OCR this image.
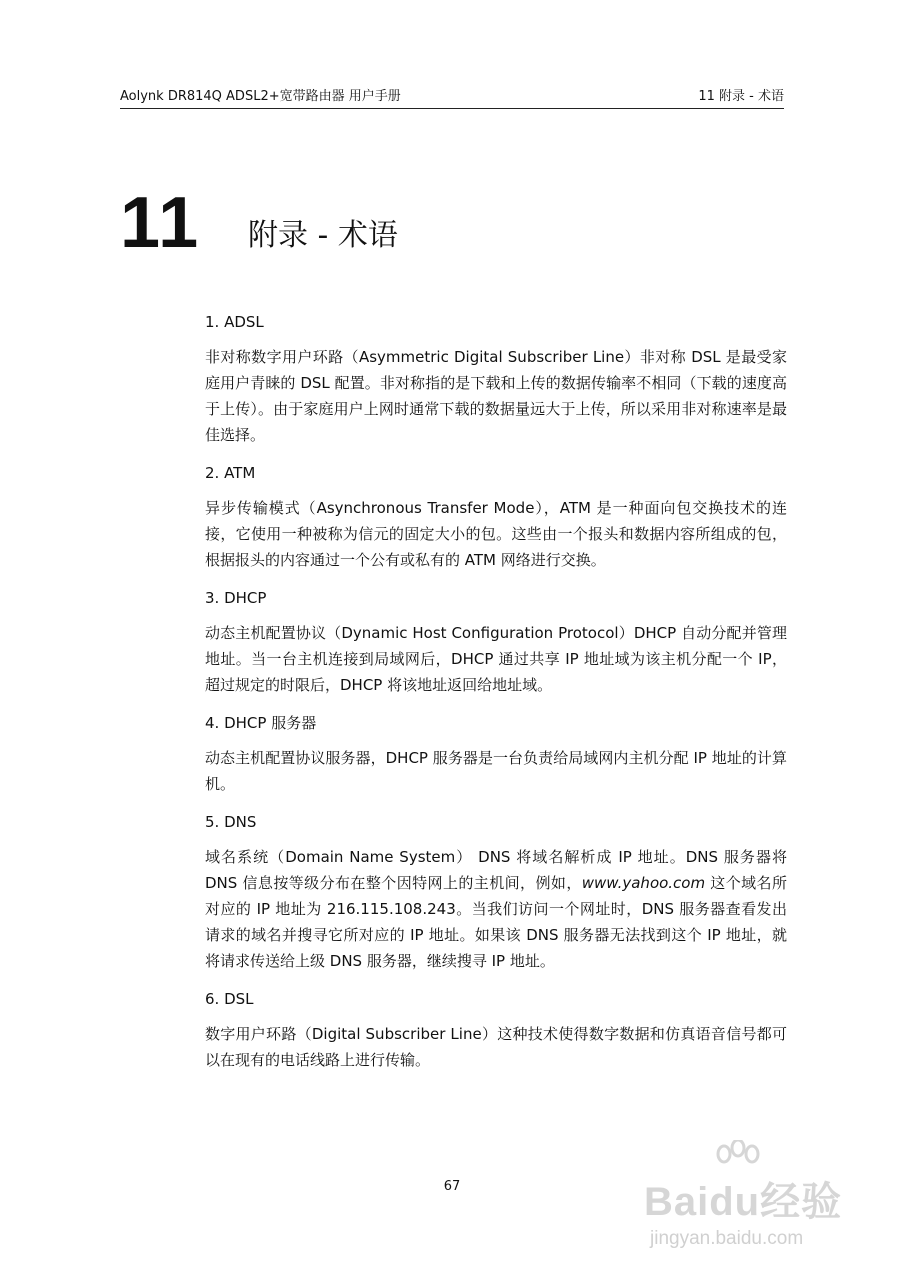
Aolynk DR814Q ADSL2+宽带路由器 用户手册	11 附录 - 术语
11 附录 - 术语

1. ADSL

非对称数字用户环路（Asymmetric Digital Subscriber Line）非对称 DSL 是最受家庭用户青睐的 DSL 配置。非对称指的是下载和上传的数据传输率不相同（下载的速度高于上传）。由于家庭用户上网时通常下载的数据量远大于上传，所以采用非对称速率是最佳选择。

2. ATM

异步传输模式（Asynchronous Transfer Mode），ATM 是一种面向包交换技术的连接，它使用一种被称为信元的固定大小的包。这些由一个报头和数据内容所组成的包，根据报头的内容通过一个公有或私有的 ATM 网络进行交换。

3. DHCP

动态主机配置协议（Dynamic Host Configuration Protocol）DHCP 自动分配并管理地址。当一台主机连接到局域网后，DHCP 通过共享 IP 地址域为该主机分配一个 IP，超过规定的时限后，DHCP 将该地址返回给地址域。

4. DHCP 服务器

动态主机配置协议服务器，DHCP 服务器是一台负责给局域网内主机分配 IP 地址的计算机。

5. DNS

域名系统（Domain Name System） DNS 将域名解析成 IP 地址。DNS 服务器将 DNS 信息按等级分布在整个因特网上的主机间，例如，www.yahoo.com 这个域名所对应的 IP 地址为 216.115.108.243。当我们访问一个网址时，DNS 服务器查看发出请求的域名并搜寻它所对应的 IP 地址。如果该 DNS 服务器无法找到这个 IP 地址，就将请求传送给上级 DNS 服务器，继续搜寻 IP 地址。

6. DSL

数字用户环路（Digital Subscriber Line）这种技术使得数字数据和仿真语音信号都可以在现有的电话线路上进行传输。

67	Baidu经验
jingyan.baidu.com
